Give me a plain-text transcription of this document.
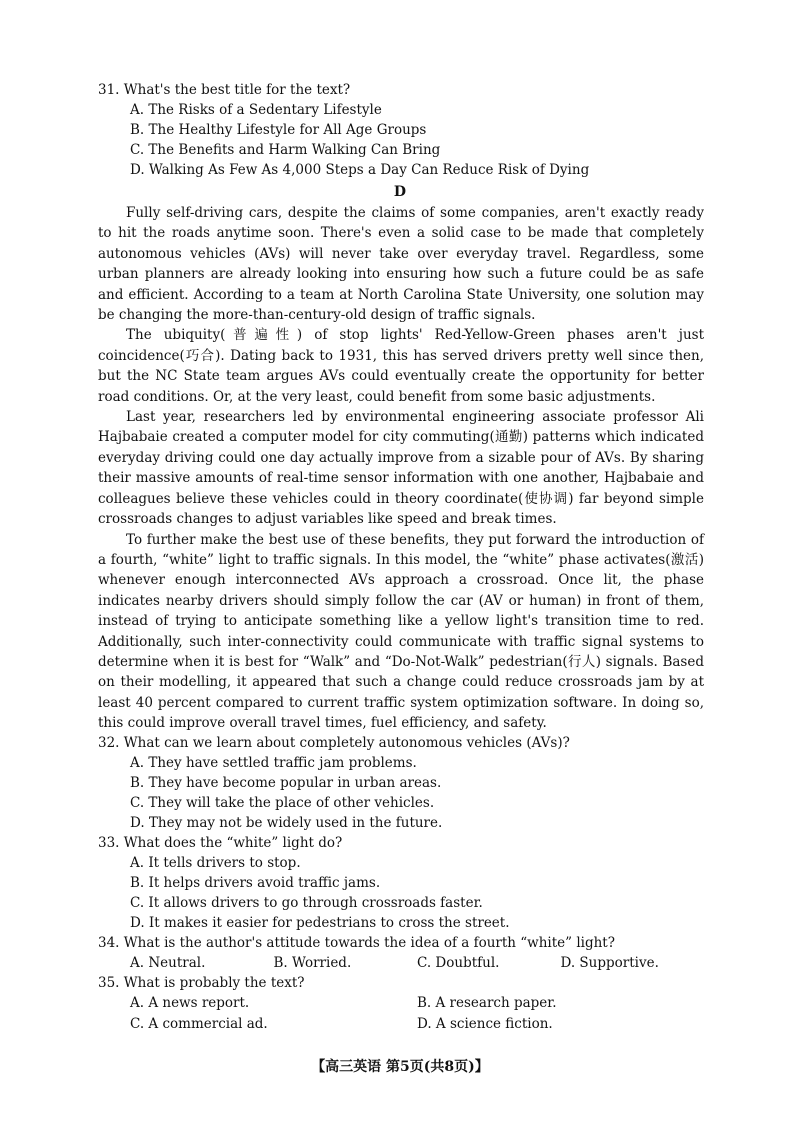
31. What's the best title for the text?

A. The Risks of a Sedentary Lifestyle

B. The Healthy Lifestyle for All Age Groups

C. The Benefits and Harm Walking Can Bring

D. Walking As Few As 4,000 Steps a Day Can Reduce Risk of Dying

D

Fully self-driving cars, despite the claims of some companies, aren't exactly ready to hit the roads anytime soon. There's even a solid case to be made that completely autonomous vehicles (AVs) will never take over everyday travel. Regardless, some urban planners are already looking into ensuring how such a future could be as safe and efficient. According to a team at North Carolina State University, one solution may be changing the more-than-century-old design of traffic signals.

The ubiquity(普遍性) of stop lights' Red-Yellow-Green phases aren't just coincidence(巧合). Dating back to 1931, this has served drivers pretty well since then, but the NC State team argues AVs could eventually create the opportunity for better road conditions. Or, at the very least, could benefit from some basic adjustments.

Last year, researchers led by environmental engineering associate professor Ali Hajbabaie created a computer model for city commuting(通勤) patterns which indicated everyday driving could one day actually improve from a sizable pour of AVs. By sharing their massive amounts of real-time sensor information with one another, Hajbabaie and colleagues believe these vehicles could in theory coordinate(使协调) far beyond simple crossroads changes to adjust variables like speed and break times.

To further make the best use of these benefits, they put forward the introduction of a fourth, “white” light to traffic signals. In this model, the “white” phase activates(激活) whenever enough interconnected AVs approach a crossroad. Once lit, the phase indicates nearby drivers should simply follow the car (AV or human) in front of them, instead of trying to anticipate something like a yellow light's transition time to red. Additionally, such inter-connectivity could communicate with traffic signal systems to determine when it is best for “Walk” and “Do-Not-Walk” pedestrian(行人) signals. Based on their modelling, it appeared that such a change could reduce crossroads jam by at least 40 percent compared to current traffic system optimization software. In doing so, this could improve overall travel times, fuel efficiency, and safety.

32. What can we learn about completely autonomous vehicles (AVs)?

A. They have settled traffic jam problems.

B. They have become popular in urban areas.

C. They will take the place of other vehicles.

D. They may not be widely used in the future.

33. What does the “white” light do?

A. It tells drivers to stop.

B. It helps drivers avoid traffic jams.

C. It allows drivers to go through crossroads faster.

D. It makes it easier for pedestrians to cross the street.

34. What is the author's attitude towards the idea of a fourth “white” light?

A. Neutral.	B. Worried.	C. Doubtful.	D. Supportive.

35. What is probably the text?

A. A news report.	B. A research paper.
C. A commercial ad.	D. A science fiction.
【高三英语 第5页(共8页)】
